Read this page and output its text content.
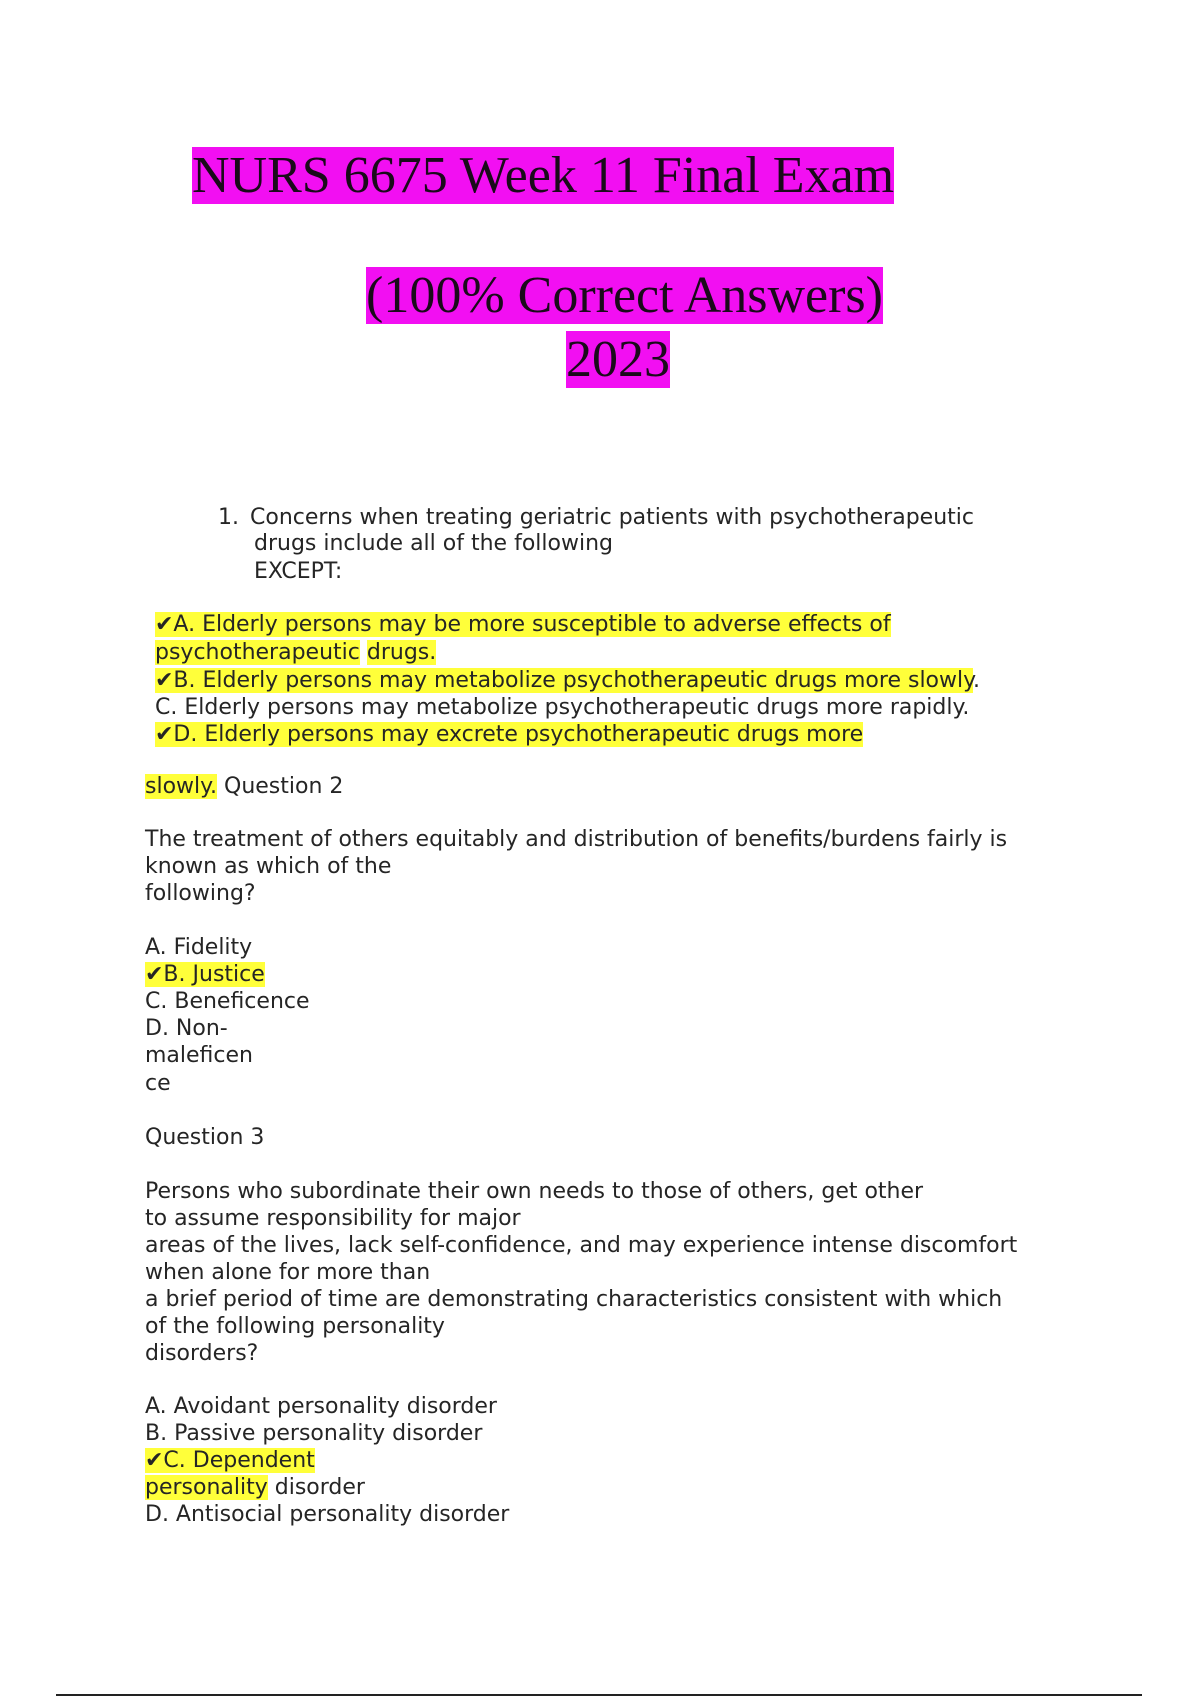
NURS 6675 Week 11 Final Exam
(100% Correct Answers)
2023
1. Concerns when treating geriatric patients with psychotherapeutic
drugs include all of the following
EXCEPT:
✔A. Elderly persons may be more susceptible to adverse effects of
psychotherapeutic drugs.
✔B. Elderly persons may metabolize psychotherapeutic drugs more slowly.
C. Elderly persons may metabolize psychotherapeutic drugs more rapidly.
✔D. Elderly persons may excrete psychotherapeutic drugs more
slowly. Question 2
The treatment of others equitably and distribution of benefits/burdens fairly is
known as which of the
following?
A. Fidelity
✔B. Justice
C. Beneficence
D. Non-
maleficen
ce
Question 3
Persons who subordinate their own needs to those of others, get other
to assume responsibility for major
areas of the lives, lack self-confidence, and may experience intense discomfort
when alone for more than
a brief period of time are demonstrating characteristics consistent with which
of the following personality
disorders?
A. Avoidant personality disorder
B. Passive personality disorder
✔C. Dependent
personality disorder
D. Antisocial personality disorder
